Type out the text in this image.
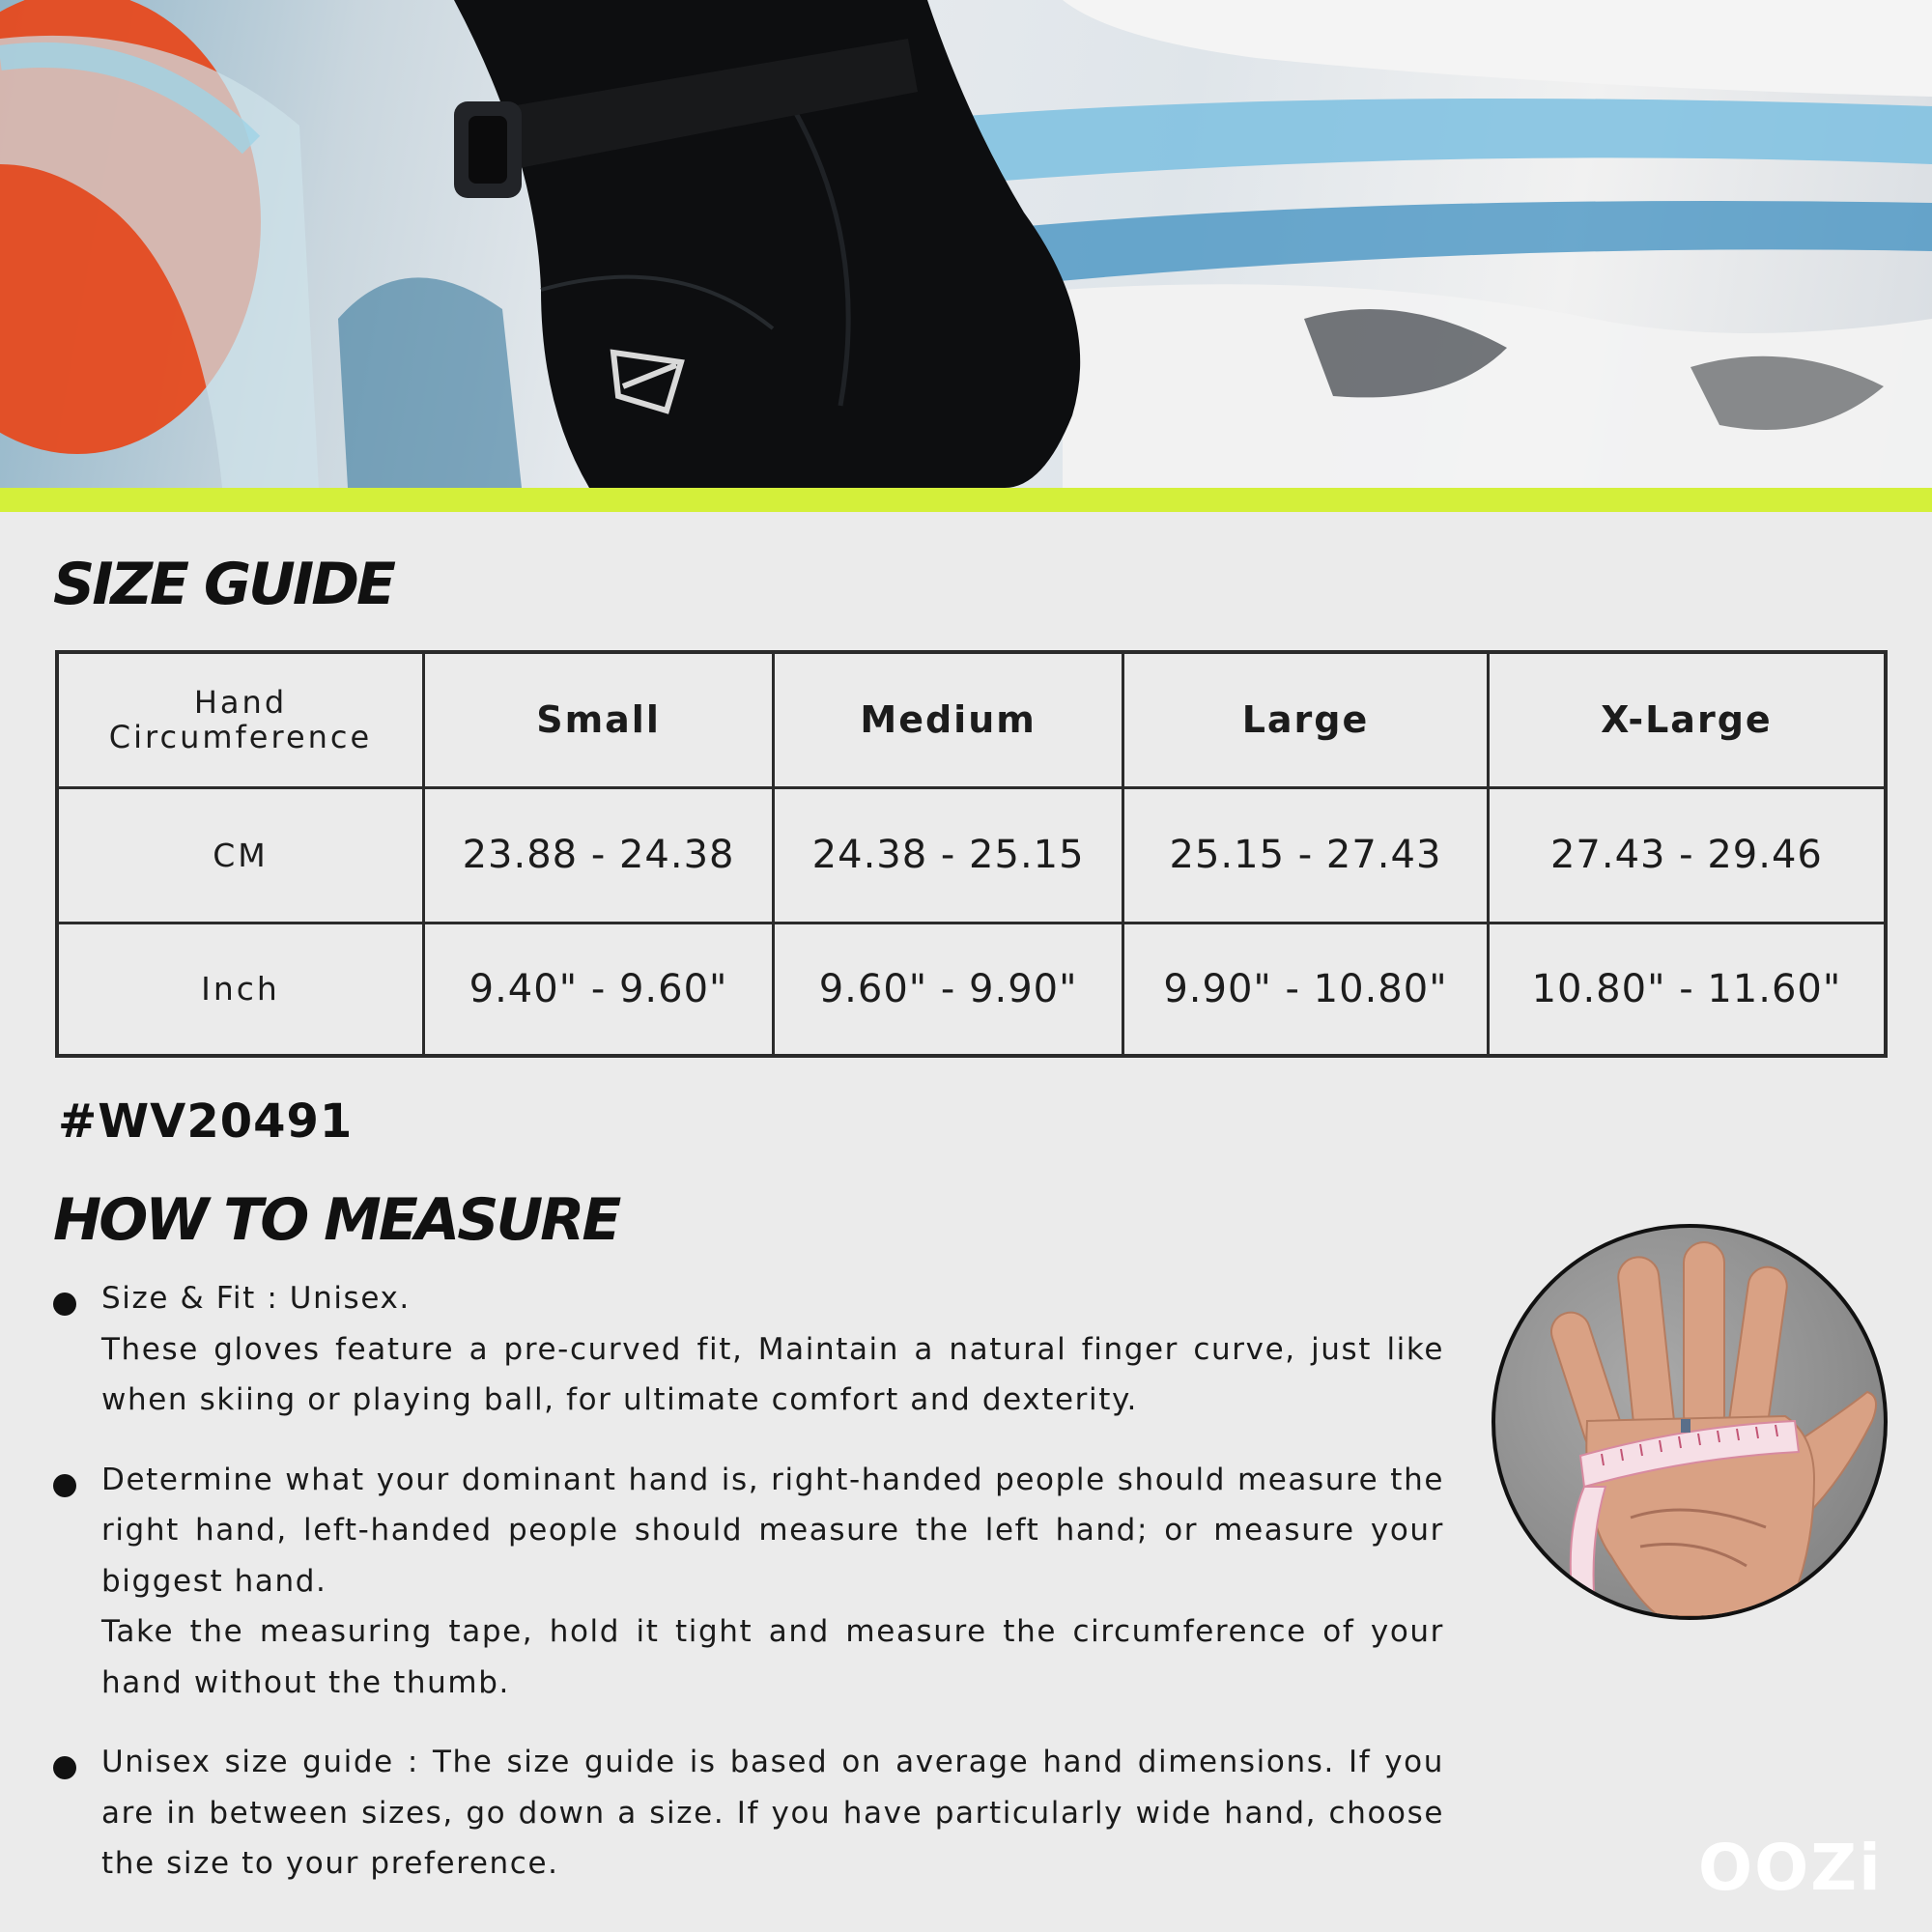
SIZE GUIDE
Hand Circumference	Small	Medium	Large	X-Large
CM	23.88 - 24.38	24.38 - 25.15	25.15 - 27.43	27.43 - 29.46
Inch	9.40" - 9.60"	9.60" - 9.90"	9.90" - 10.80"	10.80" - 11.60"
#WV20491
HOW TO MEASURE

Size & Fit : Unisex.
These gloves feature a pre-curved fit, Maintain a natural finger curve, just like when skiing or playing ball, for ultimate comfort and dexterity.

Determine what your dominant hand is, right-handed people should measure the right hand, left-handed people should measure the left hand; or measure your biggest hand.
Take the measuring tape, hold it tight and measure the circumference of your hand without the thumb.

Unisex size guide : The size guide is based on average hand dimensions. If you are in between sizes, go down a size. If you have particularly wide hand, choose the size to your preference.	OOZi
